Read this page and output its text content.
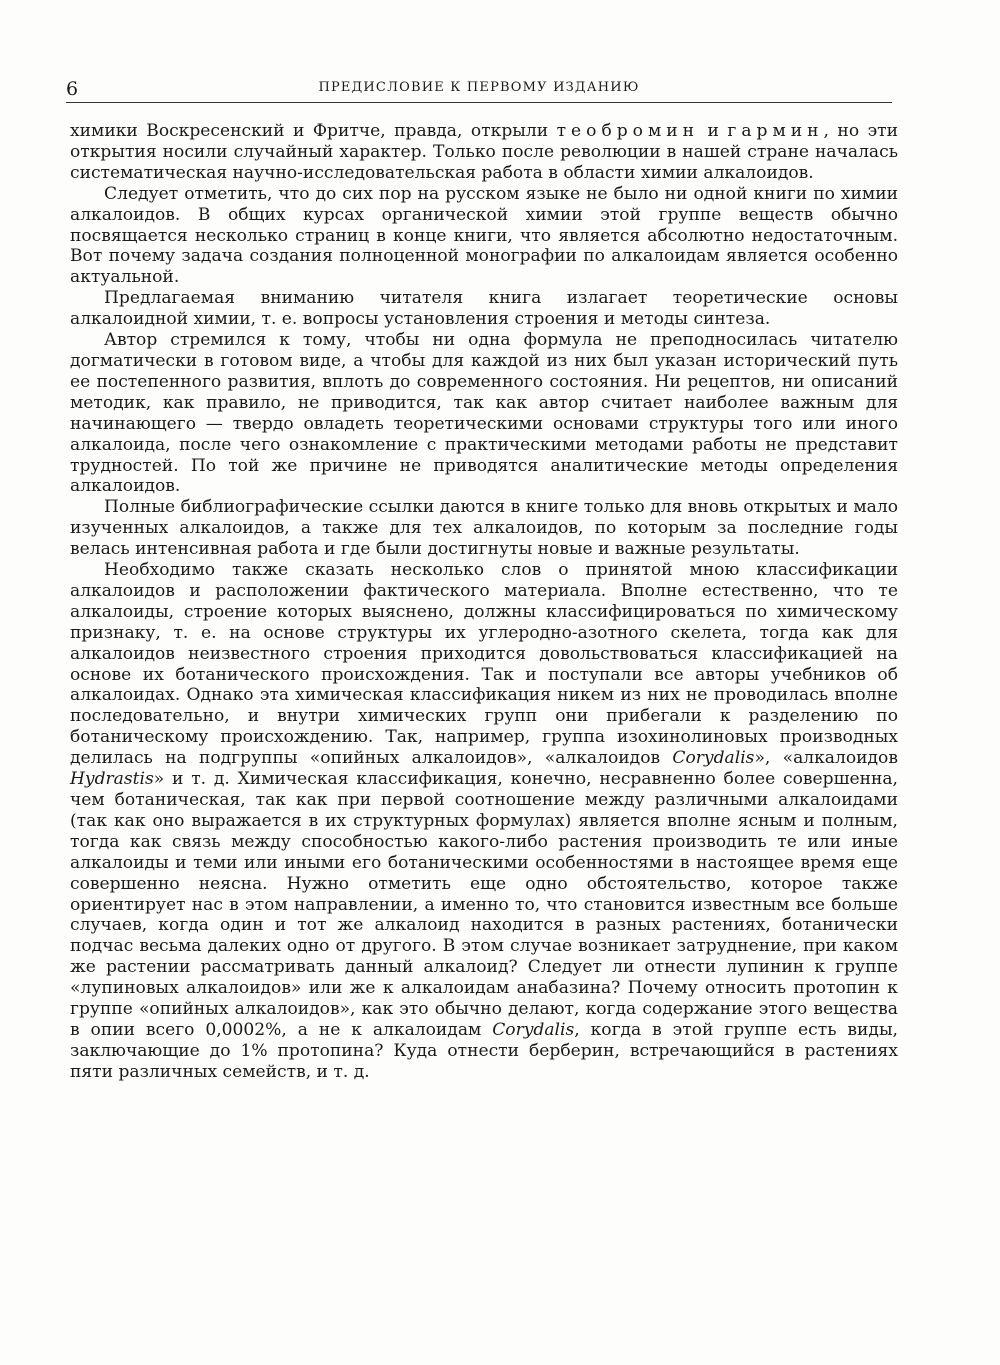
6	ПРЕДИСЛОВИЕ К ПЕРВОМУ ИЗДАНИЮ

химики Воскресенский и Фритче, правда, открыли теобромин и гармин, но эти открытия носили случайный характер. Только после революции в нашей стране началась систематическая научно-исследовательская работа в области химии алкалоидов.

Следует отметить, что до сих пор на русском языке не было ни одной книги по химии алкалоидов. В общих курсах органической химии этой группе веществ обычно посвящается несколько страниц в конце книги, что является абсолютно недостаточным. Вот почему задача создания полноценной монографии по алкалоидам является особенно актуальной.

Предлагаемая вниманию читателя книга излагает теоретические основы алкалоидной химии, т. е. вопросы установления строения и методы синтеза.

Автор стремился к тому, чтобы ни одна формула не преподносилась читателю догматически в готовом виде, а чтобы для каждой из них был указан исторический путь ее постепенного развития, вплоть до современного состояния. Ни рецептов, ни описаний методик, как правило, не приводится, так как автор считает наиболее важным для начинающего — твердо овладеть теоретическими основами структуры того или иного алкалоида, после чего ознакомление с практическими методами работы не представит трудностей. По той же причине не приводятся аналитические методы определения алкалоидов.

Полные библиографические ссылки даются в книге только для вновь открытых и мало изученных алкалоидов, а также для тех алкалоидов, по которым за последние годы велась интенсивная работа и где были достигнуты новые и важные результаты.

Необходимо также сказать несколько слов о принятой мною классификации алкалоидов и расположении фактического материала. Вполне естественно, что те алкалоиды, строение которых выяснено, должны классифицироваться по химическому признаку, т. е. на основе структуры их углеродно-азотного скелета, тогда как для алкалоидов неизвестного строения приходится довольствоваться классификацией на основе их ботанического происхождения. Так и поступали все авторы учебников об алкалоидах. Однако эта химическая классификация никем из них не проводилась вполне последовательно, и внутри химических групп они прибегали к разделению по ботаническому происхождению. Так, например, группа изохинолиновых производных делилась на подгруппы «опийных алкалоидов», «алкалоидов Corydalis», «алкалоидов Hydrastis» и т. д. Химическая классификация, конечно, несравненно более совершенна, чем ботаническая, так как при первой соотношение между различными алкалоидами (так как оно выражается в их структурных формулах) является вполне ясным и полным, тогда как связь между способностью какого-либо растения производить те или иные алкалоиды и теми или иными его ботаническими особенностями в настоящее время еще совершенно неясна. Нужно отметить еще одно обстоятельство, которое также ориентирует нас в этом направлении, а именно то, что становится известным все больше случаев, когда один и тот же алкалоид находится в разных растениях, ботанически подчас весьма далеких одно от другого. В этом случае возникает затруднение, при каком же растении рассматривать данный алкалоид? Следует ли отнести лупинин к группе «лупиновых алкалоидов» или же к алкалоидам анабазина? Почему относить протопин к группе «опийных алкалоидов», как это обычно делают, когда содержание этого вещества в опии всего 0,0002%, а не к алкалоидам Corydalis, когда в этой группе есть виды, заключающие до 1% протопина? Куда отнести берберин, встречающийся в растениях пяти различных семейств, и т. д.
